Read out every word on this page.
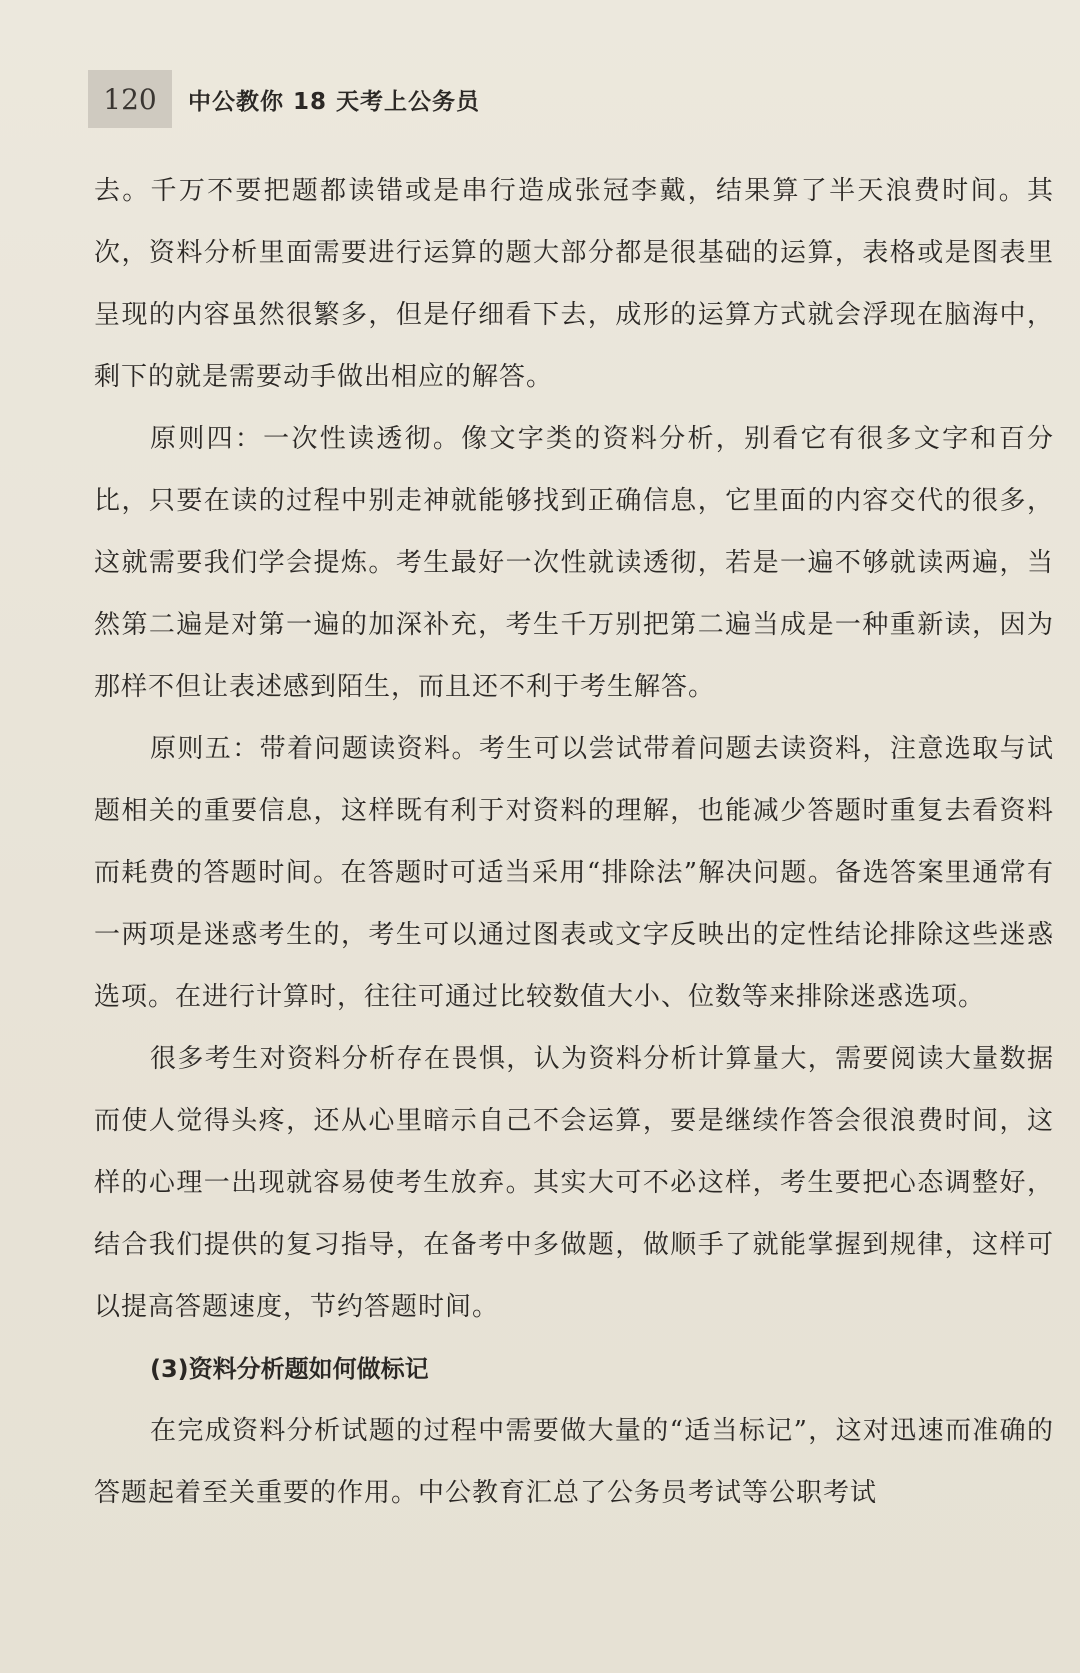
120	中公教你 18 天考上公务员

去。千万不要把题都读错或是串行造成张冠李戴，结果算了半天浪费时间。其次，资料分析里面需要进行运算的题大部分都是很基础的运算，表格或是图表里呈现的内容虽然很繁多，但是仔细看下去，成形的运算方式就会浮现在脑海中，剩下的就是需要动手做出相应的解答。

原则四：一次性读透彻。像文字类的资料分析，别看它有很多文字和百分比，只要在读的过程中别走神就能够找到正确信息，它里面的内容交代的很多，这就需要我们学会提炼。考生最好一次性就读透彻，若是一遍不够就读两遍，当然第二遍是对第一遍的加深补充，考生千万别把第二遍当成是一种重新读，因为那样不但让表述感到陌生，而且还不利于考生解答。

原则五：带着问题读资料。考生可以尝试带着问题去读资料，注意选取与试题相关的重要信息，这样既有利于对资料的理解，也能减少答题时重复去看资料而耗费的答题时间。在答题时可适当采用“排除法”解决问题。备选答案里通常有一两项是迷惑考生的，考生可以通过图表或文字反映出的定性结论排除这些迷惑选项。在进行计算时，往往可通过比较数值大小、位数等来排除迷惑选项。

很多考生对资料分析存在畏惧，认为资料分析计算量大，需要阅读大量数据而使人觉得头疼，还从心里暗示自己不会运算，要是继续作答会很浪费时间，这样的心理一出现就容易使考生放弃。其实大可不必这样，考生要把心态调整好，结合我们提供的复习指导，在备考中多做题，做顺手了就能掌握到规律，这样可以提高答题速度，节约答题时间。

(3)资料分析题如何做标记

在完成资料分析试题的过程中需要做大量的“适当标记”，这对迅速而准确的答题起着至关重要的作用。中公教育汇总了公务员考试等公职考试
